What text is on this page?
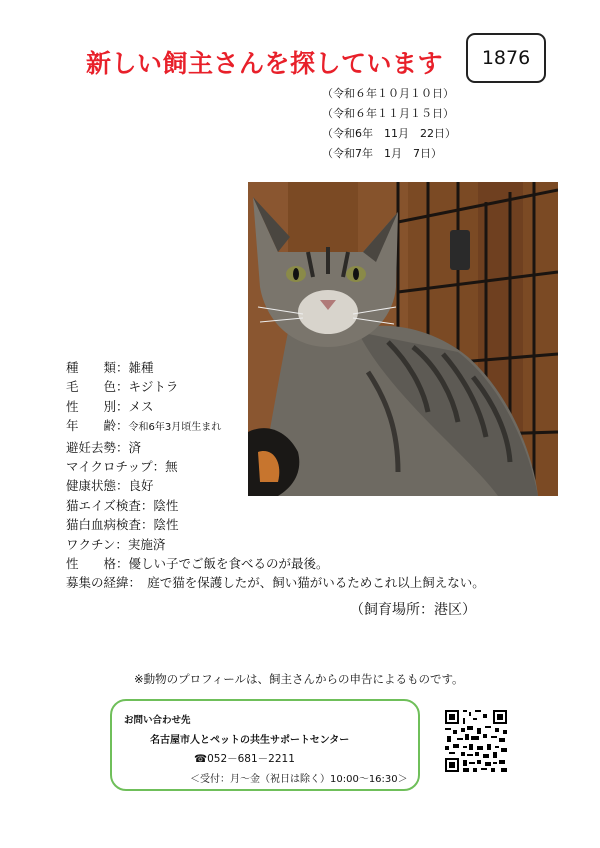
新しい飼主さんを探しています	1876
（令和６年１０月１０日）
（令和６年１１月１５日）
（令和6年　11月　22日）
（令和7年　1月　7日）
種　　類：雑種
毛　　色：キジトラ
性　　別：メス
年　　齢：令和6年3月頃生まれ
避妊去勢：済
マイクロチップ：無
健康状態：良好
猫エイズ検査：陰性
猫白血病検査：陰性
ワクチン：実施済
性　　格：優しい子でご飯を食べるのが最後。
募集の経緯：　庭で猫を保護したが、飼い猫がいるためこれ以上飼えない。
（飼育場所：港区）
※動物のプロフィールは、飼主さんからの申告によるものです。
お問い合わせ先
名古屋市人とペットの共生サポートセンター
☎052－681－2211
＜受付：月～金（祝日は除く）10:00～16:30＞
